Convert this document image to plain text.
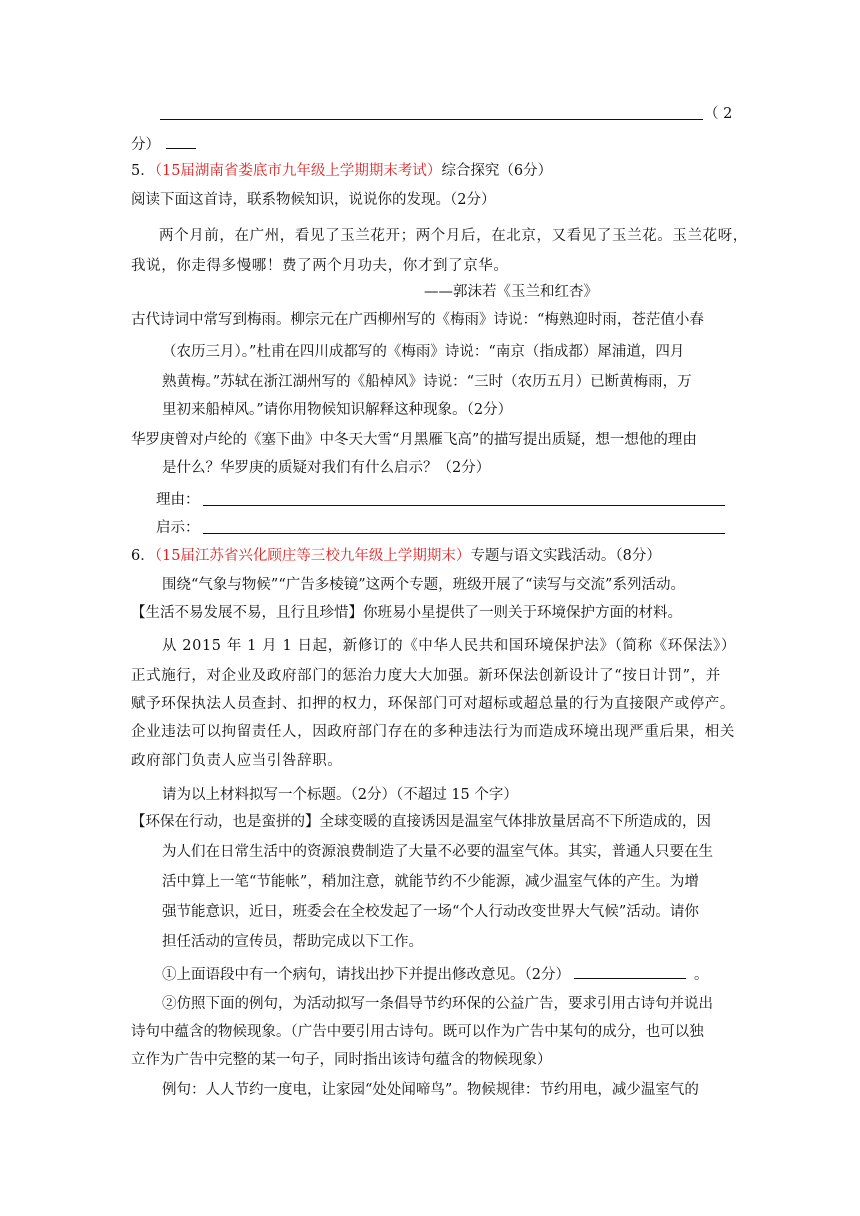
（ 2
分）
5．（15届湖南省娄底市九年级上学期期末考试）综合探究（6分）
阅读下面这首诗，联系物候知识，说说你的发现。（2分）
两个月前，在广州，看见了玉兰花开；两个月后，在北京，又看见了玉兰花。玉兰花呀，
我说，你走得多慢哪！费了两个月功夫，你才到了京华。
——郭沫若《玉兰和红杏》
古代诗词中常写到梅雨。柳宗元在广西柳州写的《梅雨》诗说：“梅熟迎时雨，苍茫值小春
（农历三月）。”杜甫在四川成都写的《梅雨》诗说：“南京（指成都）犀浦道，四月
熟黄梅。”苏轼在浙江湖州写的《船棹风》诗说：“三时（农历五月）已断黄梅雨，万
里初来船棹风。”请你用物候知识解释这种现象。（2分）
华罗庚曾对卢纶的《塞下曲》中冬天大雪“月黑雁飞高”的描写提出质疑，想一想他的理由
是什么？华罗庚的质疑对我们有什么启示？（2分）
理由：
启示：
6．（15届江苏省兴化顾庄等三校九年级上学期期末）专题与语文实践活动。（8分）
围绕“气象与物候”“广告多棱镜”这两个专题，班级开展了“读写与交流”系列活动。
【生活不易发展不易，且行且珍惜】你班易小星提供了一则关于环境保护方面的材料。
从 2015 年 1 月 1 日起，新修订的《中华人民共和国环境保护法》（简称《环保法》）
正式施行，对企业及政府部门的惩治力度大大加强。新环保法创新设计了“按日计罚”，并
赋予环保执法人员查封、扣押的权力，环保部门可对超标或超总量的行为直接限产或停产。
企业违法可以拘留责任人，因政府部门存在的多种违法行为而造成环境出现严重后果，相关
政府部门负责人应当引咎辞职。
请为以上材料拟写一个标题。（2分）（不超过 15 个字）
【环保在行动，也是蛮拼的】全球变暖的直接诱因是温室气体排放量居高不下所造成的，因
为人们在日常生活中的资源浪费制造了大量不必要的温室气体。其实，普通人只要在生
活中算上一笔“节能帐”，稍加注意，就能节约不少能源，减少温室气体的产生。为增
强节能意识，近日，班委会在全校发起了一场“个人行动改变世界大气候”活动。请你
担任活动的宣传员，帮助完成以下工作。
①上面语段中有一个病句，请找出抄下并提出修改意见。（2分）	。
②仿照下面的例句，为活动拟写一条倡导节约环保的公益广告，要求引用古诗句并说出
诗句中蕴含的物候现象。（广告中要引用古诗句。既可以作为广告中某句的成分，也可以独
立作为广告中完整的某一句子，同时指出该诗句蕴含的物候现象）
例句：人人节约一度电，让家园“处处闻啼鸟”。物候规律：节约用电，减少温室气的
